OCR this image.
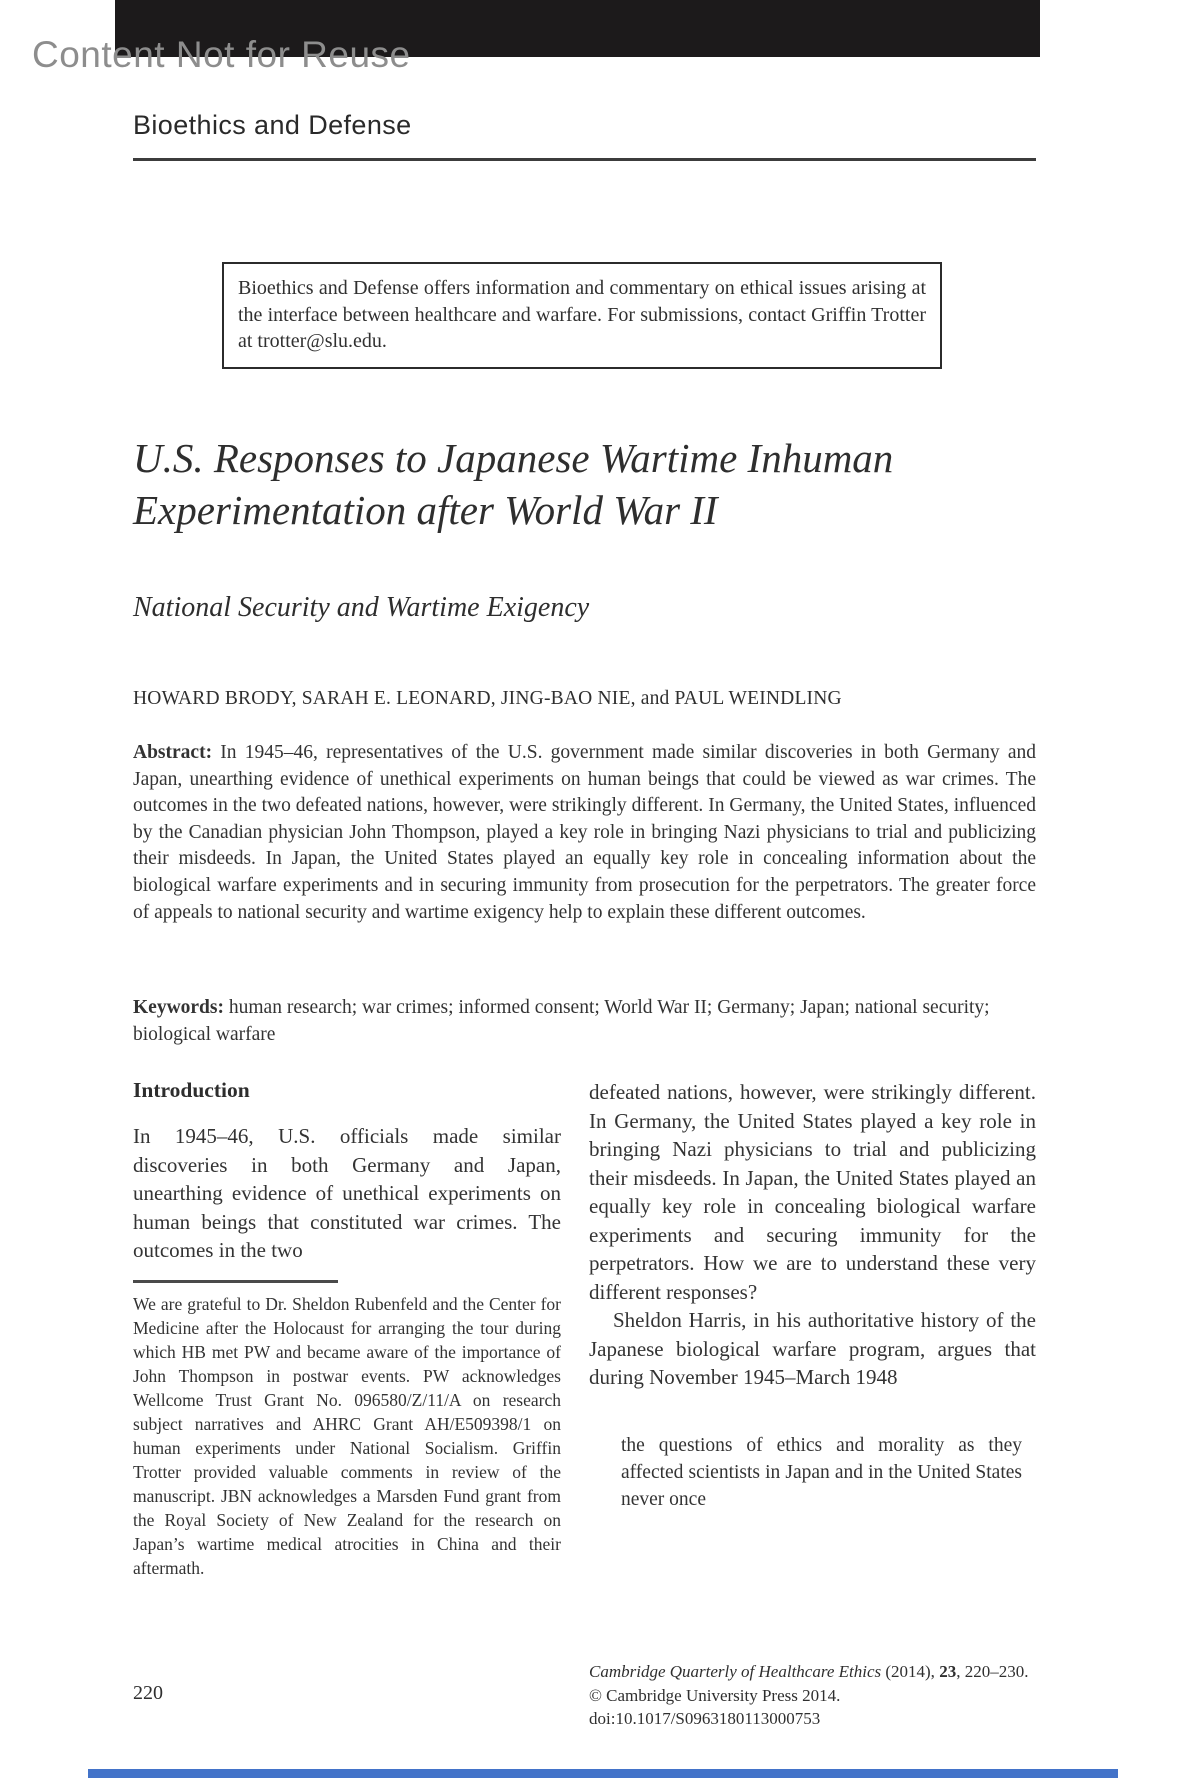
Content Not for Reuse
Bioethics and Defense

Bioethics and Defense offers information and commentary on ethical issues arising at the interface between healthcare and warfare. For submissions, contact Griffin Trotter at trotter@slu.edu.

U.S. Responses to Japanese Wartime Inhuman Experimentation after World War II
National Security and Wartime Exigency
HOWARD BRODY, SARAH E. LEONARD, JING-BAO NIE, and PAUL WEINDLING

Abstract: In 1945–46, representatives of the U.S. government made similar discoveries in both Germany and Japan, unearthing evidence of unethical experiments on human beings that could be viewed as war crimes. The outcomes in the two defeated nations, however, were strikingly different. In Germany, the United States, influenced by the Canadian physician John Thompson, played a key role in bringing Nazi physicians to trial and publicizing their misdeeds. In Japan, the United States played an equally key role in concealing information about the biological warfare experiments and in securing immunity from prosecution for the perpetrators. The greater force of appeals to national security and wartime exigency help to explain these different outcomes.

Keywords: human research; war crimes; informed consent; World War II; Germany; Japan; national security; biological warfare

Introduction

In 1945–46, U.S. officials made similar discoveries in both Germany and Japan, unearthing evidence of unethical experiments on human beings that constituted war crimes. The outcomes in the two

We are grateful to Dr. Sheldon Rubenfeld and the Center for Medicine after the Holocaust for arranging the tour during which HB met PW and became aware of the importance of John Thompson in postwar events. PW acknowledges Wellcome Trust Grant No. 096580/Z/11/A on research subject narratives and AHRC Grant AH/E509398/1 on human experiments under National Socialism. Griffin Trotter provided valuable comments in review of the manuscript. JBN acknowledges a Marsden Fund grant from the Royal Society of New Zealand for the research on Japan’s wartime medical atrocities in China and their aftermath.

defeated nations, however, were strikingly different. In Germany, the United States played a key role in bringing Nazi physicians to trial and publicizing their misdeeds. In Japan, the United States played an equally key role in concealing biological warfare experiments and securing immunity for the perpetrators. How we are to understand these very different responses?

Sheldon Harris, in his authoritative history of the Japanese biological warfare program, argues that during November 1945–March 1948

the questions of ethics and morality as they affected scientists in Japan and in the United States never once

Cambridge Quarterly of Healthcare Ethics (2014), 23, 220–230.
© Cambridge University Press 2014.
doi:10.1017/S0963180113000753
220
